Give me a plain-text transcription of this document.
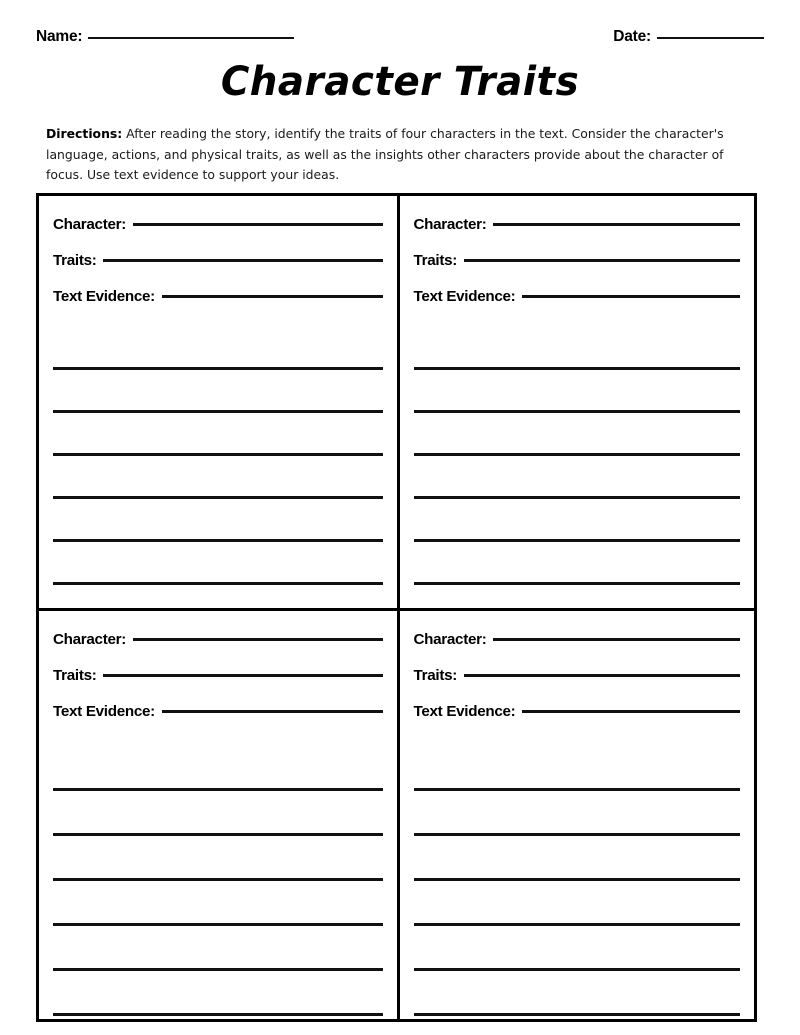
Name:	Date:
Character Traits

Directions: After reading the story, identify the traits of four characters in the text. Consider the character's language, actions, and physical traits, as well as the insights other characters provide about the character of focus. Use text evidence to support your ideas.

Character:
Traits:
Text Evidence:
Character:
Traits:
Text Evidence:
Character:
Traits:
Text Evidence:
Character:
Traits:
Text Evidence:
